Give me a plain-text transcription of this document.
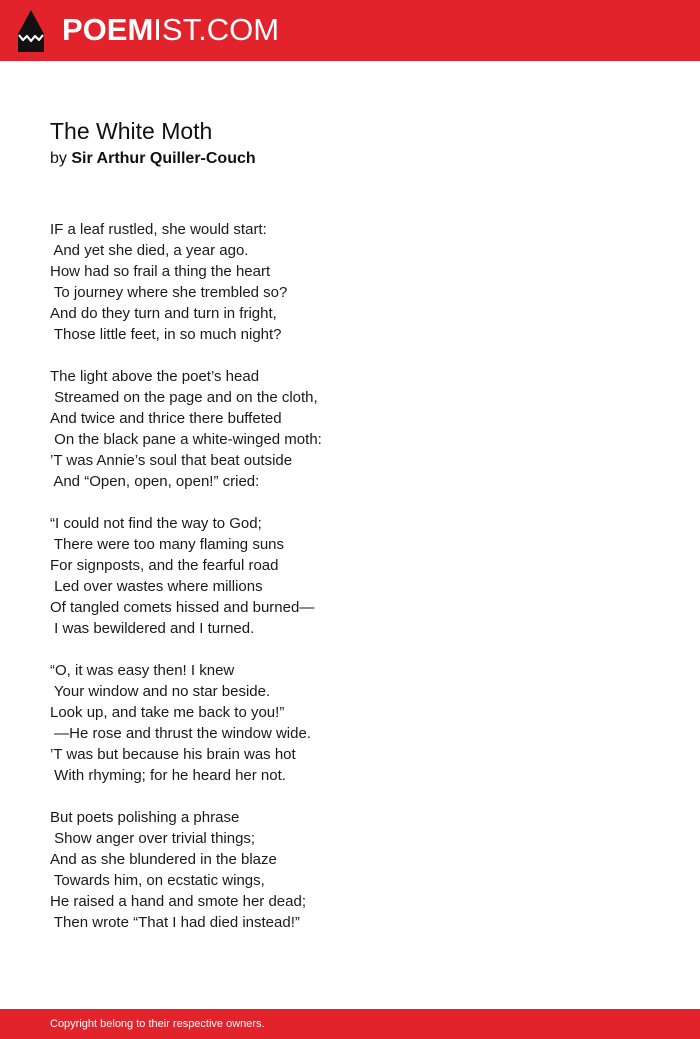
POEMIST.COM
The White Moth
by Sir Arthur Quiller-Couch
IF a leaf rustled, she would start:
And yet she died, a year ago.
How had so frail a thing the heart
To journey where she trembled so?
And do they turn and turn in fright,
Those little feet, in so much night?
The light above the poet’s head
Streamed on the page and on the cloth,
And twice and thrice there buffeted
On the black pane a white-winged moth:
’T was Annie’s soul that beat outside
And “Open, open, open!” cried:
“I could not find the way to God;
There were too many flaming suns
For signposts, and the fearful road
Led over wastes where millions
Of tangled comets hissed and burned—
I was bewildered and I turned.
“O, it was easy then! I knew
Your window and no star beside.
Look up, and take me back to you!”
—He rose and thrust the window wide.
’T was but because his brain was hot
With rhyming; for he heard her not.
But poets polishing a phrase
Show anger over trivial things;
And as she blundered in the blaze
Towards him, on ecstatic wings,
He raised a hand and smote her dead;
Then wrote “That I had died instead!”
Copyright belong to their respective owners.
